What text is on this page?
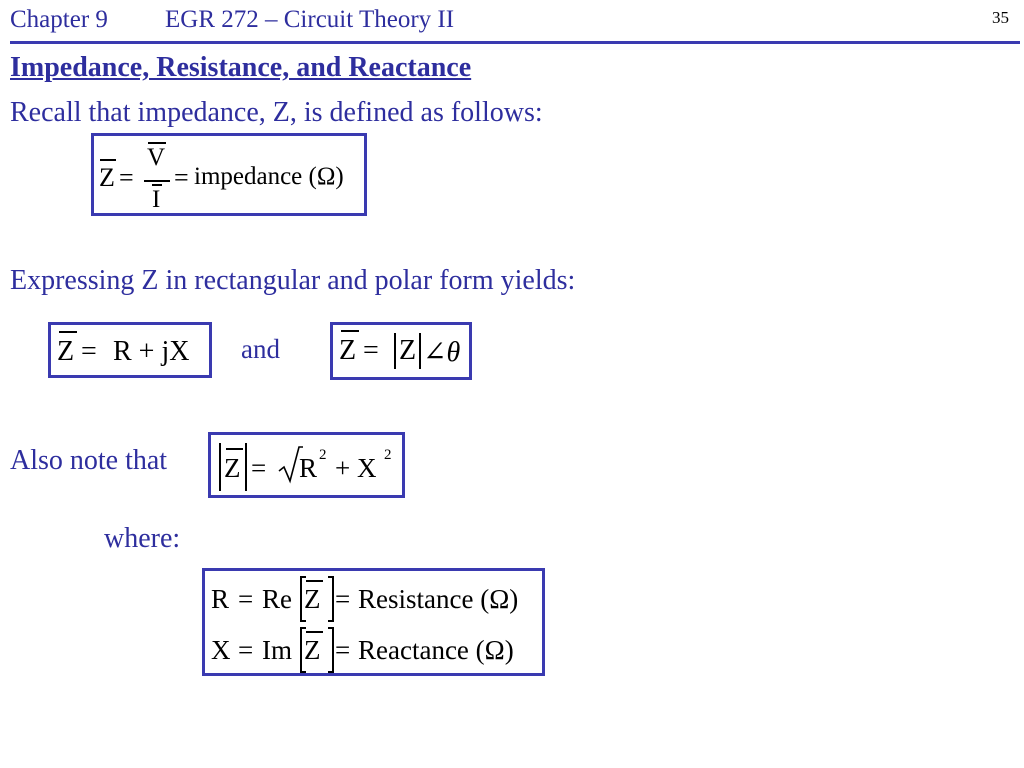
Chapter 9 EGR 272 – Circuit Theory II	35
Impedance, Resistance, and Reactance
Recall that impedance, Z, is defined as follows:
Z =
V
I
= impedance (Ω)
Expressing Z in rectangular and polar form yields:
Z = R + jX and Z = Z ∠θ
Also note that Z = R 2 + X 2
where:
R = Re Z = Resistance (Ω)
X = Im Z = Reactance (Ω)
